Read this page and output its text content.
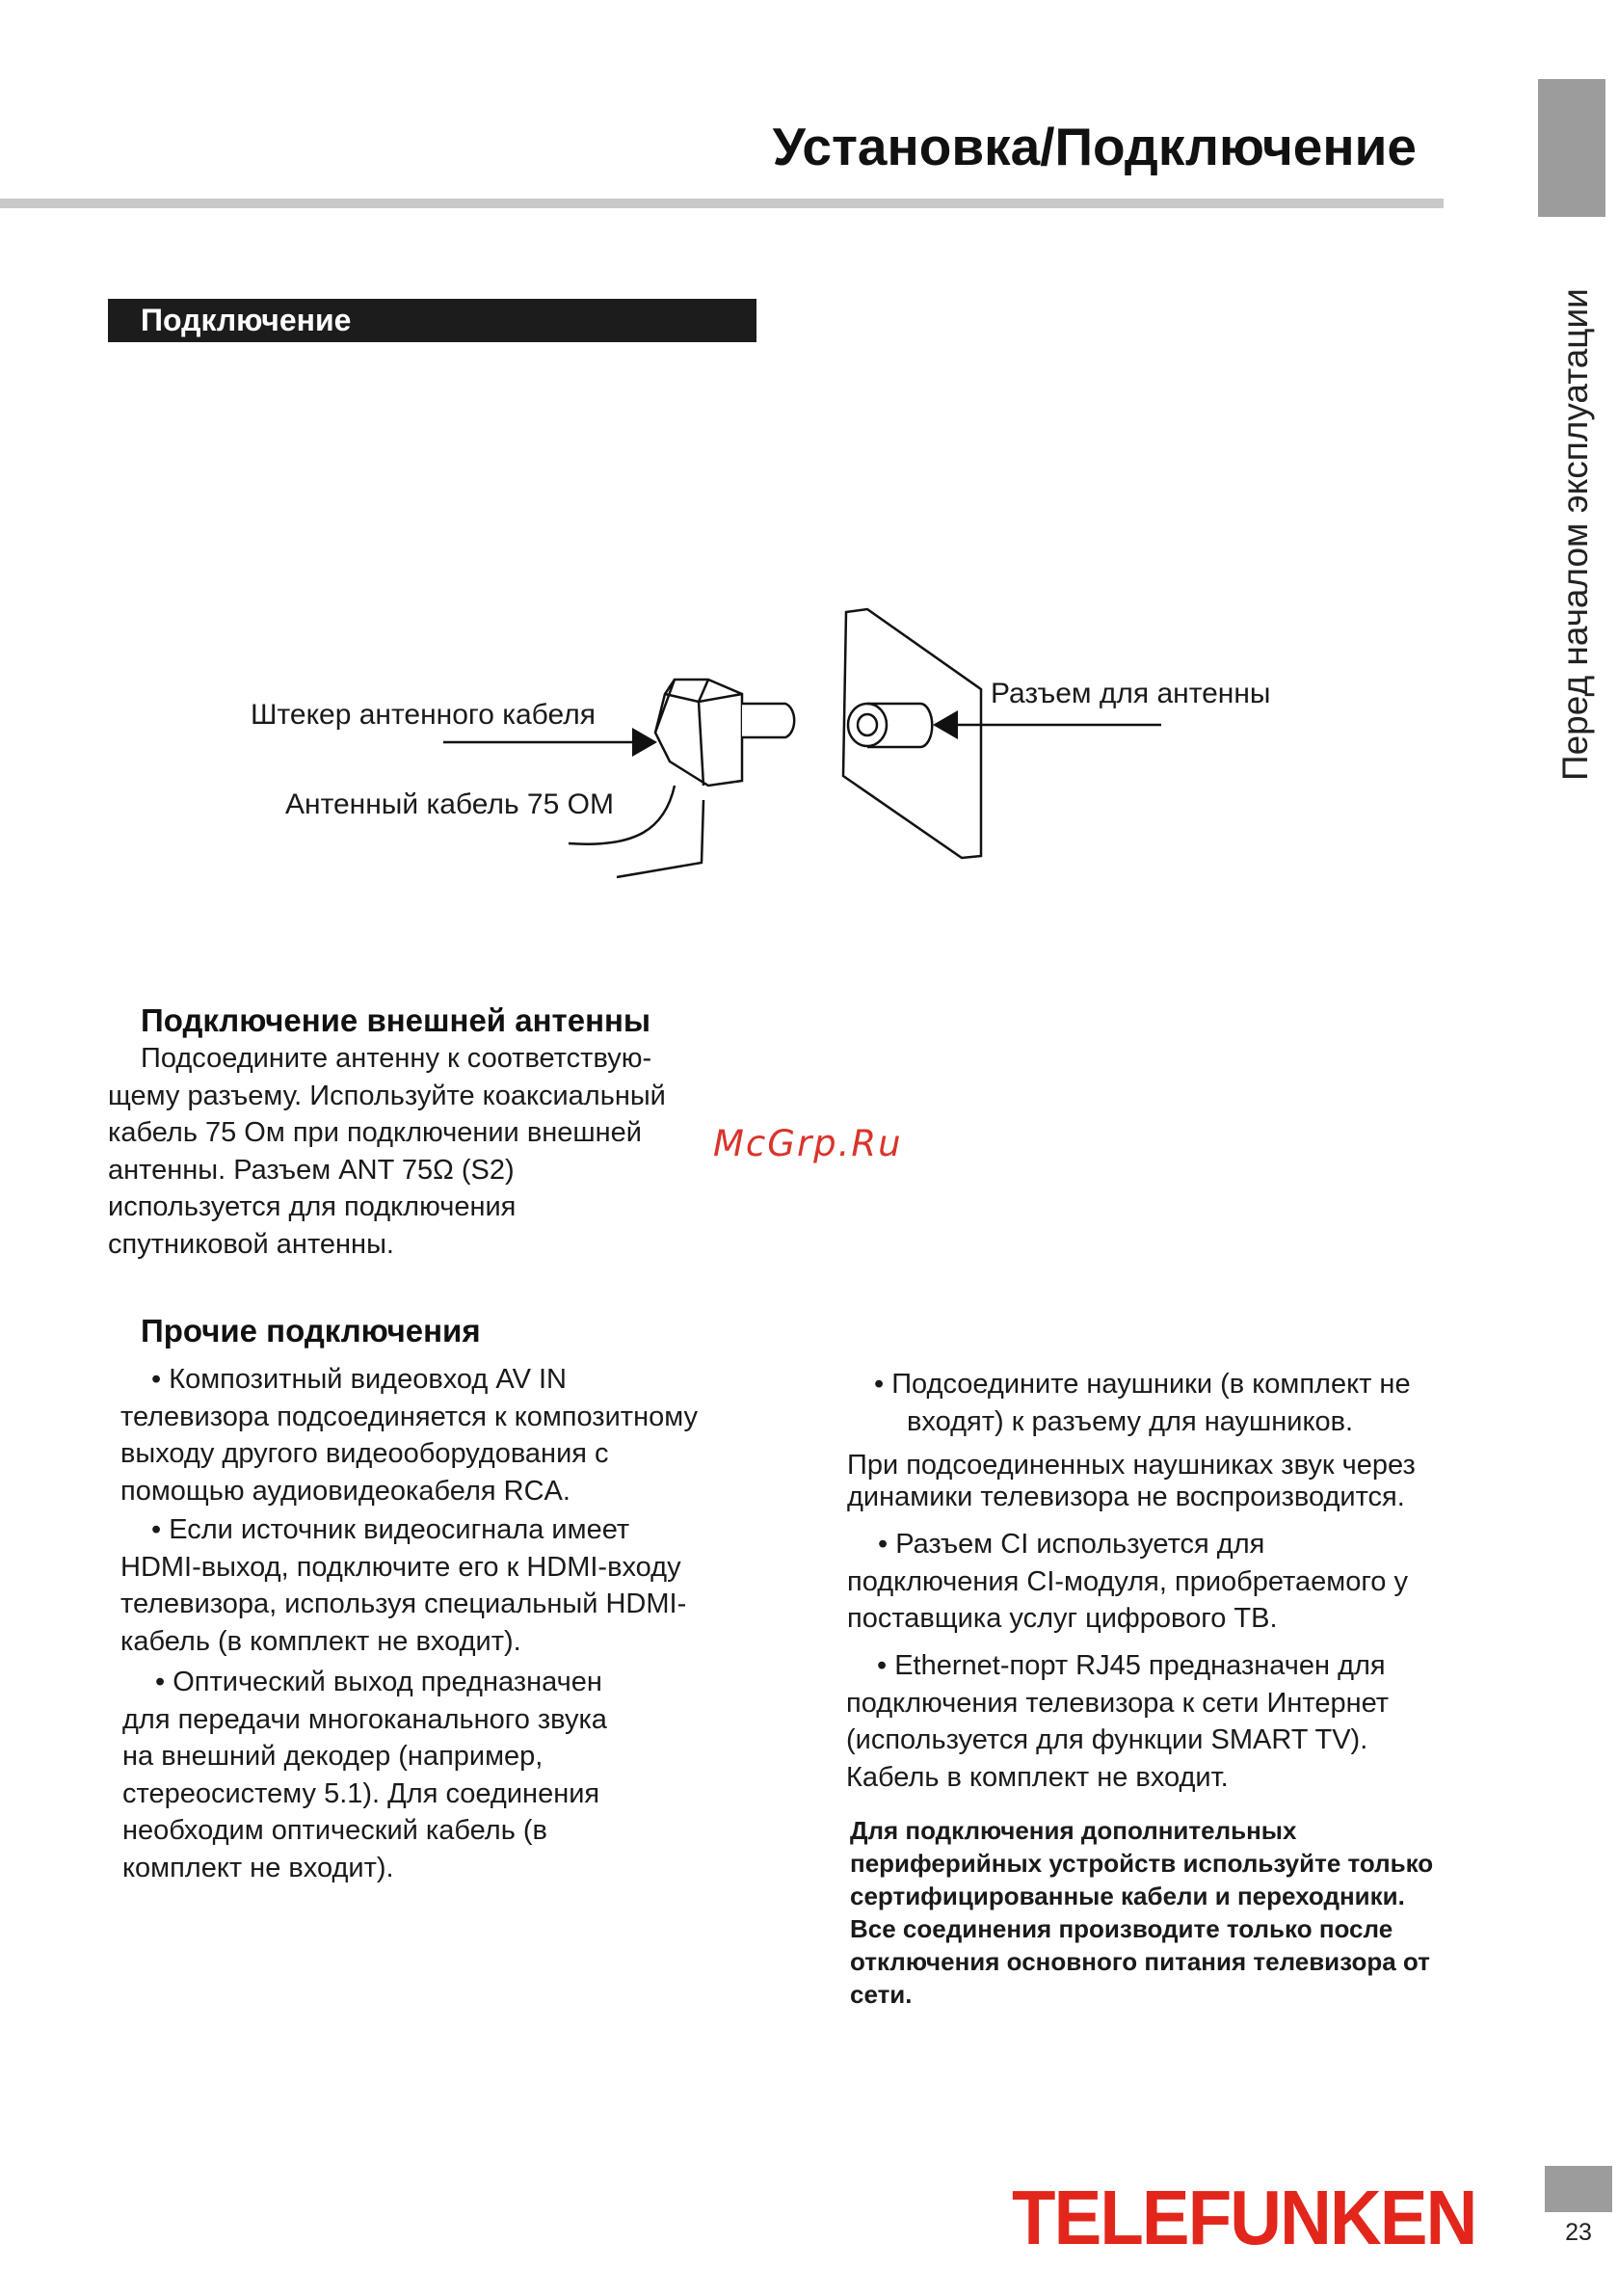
Установка/Подключение
Перед началом эксплуатации
Подключение
Штекер антенного кабеля
Антенный кабель 75 ОМ
Разъем для антенны
Подключение внешней антенны

Подсоедините антенну к соответствую-
щему разъему. Используйте коаксиальный
кабель 75 Ом при подключении внешней
антенны. Разъем ANT 75Ω (S2)
используется для подключения
спутниковой антенны.

McGrp.Ru
Прочие подключения

• Композитный видеовход AV IN
телевизора подсоединяется к композитному
выходу другого видеооборудования с
помощью аудиовидеокабеля RCA.

• Если источник видеосигнала имеет
HDMI-выход, подключите его к HDMI-входу
телевизора, используя специальный HDMI-
кабель (в комплект не входит).

• Оптический выход предназначен
для передачи многоканального звука
на внешний декодер (например,
стереосистему 5.1). Для соединения
необходим оптический кабель (в
комплект не входит).

• Подсоедините наушники (в комплект не
входят) к разъему для наушников.

При подсоединенных наушниках звук через
динамики телевизора не воспроизводится.

• Разъем CI используется для
подключения CI-модуля, приобретаемого у
поставщика услуг цифрового ТВ.

• Ethernet-порт RJ45 предназначен для
подключения телевизора к сети Интернет
(используется для функции SMART TV).
Кабель в комплект не входит.

Для подключения дополнительных
периферийных устройств используйте только
сертифицированные кабели и переходники.
Все соединения производите только после
отключения основного питания телевизора от
сети.

TELEFUNKEN	23
